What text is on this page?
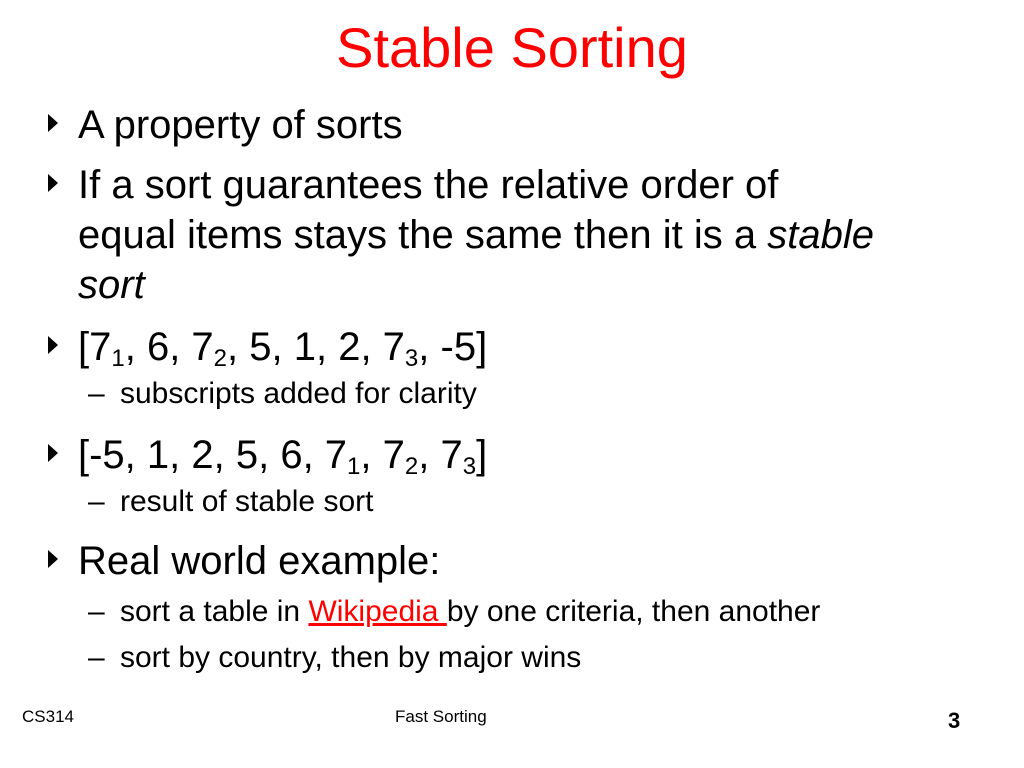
Stable Sorting
A property of sorts
If a sort guarantees the relative order of
equal items stays the same then it is a stable
sort
[$7_1$, 6, $7_2$, 5, 1, 2, $7_3$, -5]
– subscripts added for clarity
[-5, 1, 2, 5, 6, $7_1$, $7_2$, $7_3$]
– result of stable sort
Real world example:
– sort a table in Wikipedia by one criteria, then another
– sort by country, then by major wins
CS314	Fast Sorting	3
